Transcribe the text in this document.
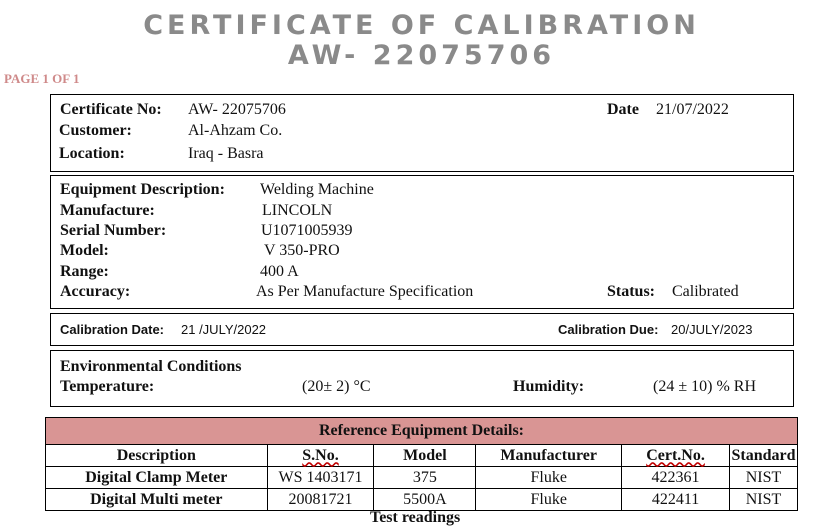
CERTIFICATE OF CALIBRATION
AW- 22075706
PAGE 1 OF 1
Certificate No: AW- 22075706	Date 21/07/2022
Customer:	Al-Ahzam Co.
Location:	Iraq - Basra
Equipment Description: Welding Machine
Manufacture:	LINCOLN
Serial Number:	U1071005939
Model:	V 350-PRO
Range:	400 A
Accuracy:	As Per Manufacture Specification	Status: Calibrated
Calibration Date: 21 /JULY/2022	Calibration Due: 20/JULY/2023
Environmental Conditions
Temperature:	(20± 2) °C	Humidity:	(24 ± 10) % RH
Reference Equipment Details:					
Description	S.No.	Model	Manufacturer	Cert.No.	Standard
Digital Clamp Meter	WS 1403171	375	Fluke	422361	NIST
Digital Multi meter	20081721	5500A	Fluke	422411	NIST
Test readings
